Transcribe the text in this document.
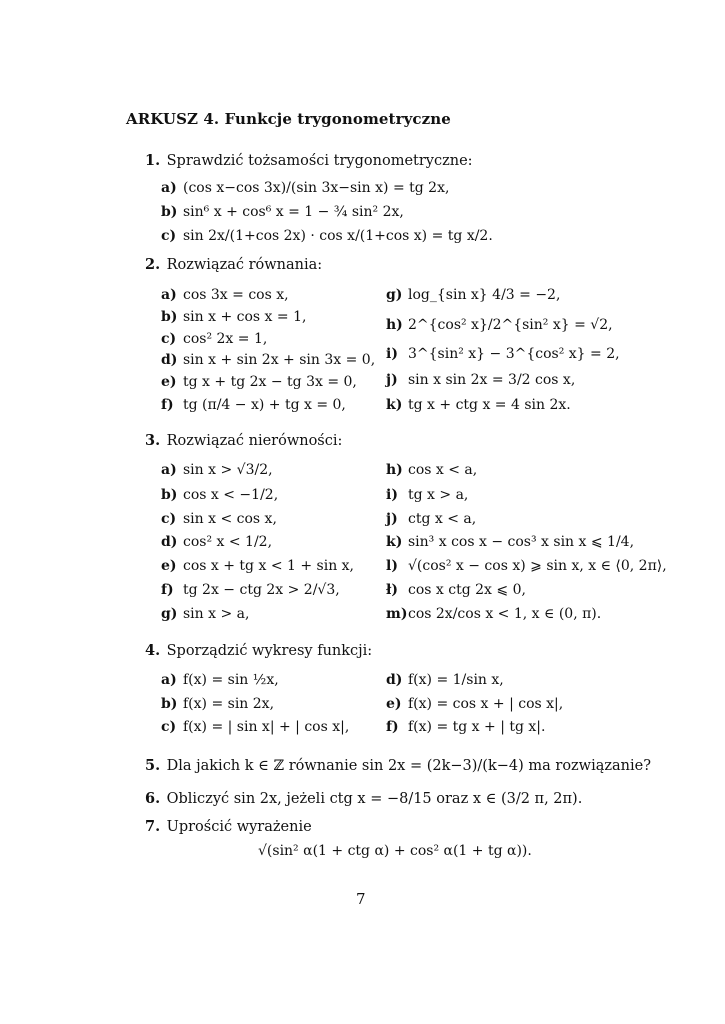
ARKUSZ 4. Funkcje trygonometryczne
1. Sprawdzić tożsamości trygonometryczne:
a) (cos x−cos 3x)/(sin 3x−sin x) = tg 2x,
b) sin⁶ x + cos⁶ x = 1 − ¾ sin² 2x,
c) sin 2x/(1+cos 2x) · cos x/(1+cos x) = tg x/2.
2. Rozwiązać równania:
a) cos 3x = cos x,
b) sin x + cos x = 1,
c) cos² 2x = 1,
d) sin x + sin 2x + sin 3x = 0,
e) tg x + tg 2x − tg 3x = 0,
f) tg (π/4 − x) + tg x = 0,
g) log_{sin x} 4/3 = −2,
h) 2^{cos² x}/2^{sin² x} = √2,
i) 3^{sin² x} − 3^{cos² x} = 2,
j) sin x sin 2x = 3/2 cos x,
k) tg x + ctg x = 4 sin 2x.
3. Rozwiązać nierówności:
a) sin x > √3/2,
b) cos x < −1/2,
c) sin x < cos x,
d) cos² x < 1/2,
e) cos x + tg x < 1 + sin x,
f) tg 2x − ctg 2x > 2/√3,
g) sin x > a,
h) cos x < a,
i) tg x > a,
j) ctg x < a,
k) sin³ x cos x − cos³ x sin x ⩽ 1/4,
l) √(cos² x − cos x) ⩾ sin x, x ∈ ⟨0, 2π⟩,
ł) cos x ctg 2x ⩽ 0,
m)cos 2x/cos x < 1, x ∈ (0, π).
4. Sporządzić wykresy funkcji:
a) f(x) = sin ½x,
b) f(x) = sin 2x,
c) f(x) = | sin x| + | cos x|,
d) f(x) = 1/sin x,
e) f(x) = cos x + | cos x|,
f) f(x) = tg x + | tg x|.
5. Dla jakich k ∈ ℤ równanie sin 2x = (2k−3)/(k−4) ma rozwiązanie?
6. Obliczyć sin 2x, jeżeli ctg x = −8/15 oraz x ∈ (3/2 π, 2π).
7. Uprościć wyrażenie
√(sin² α(1 + ctg α) + cos² α(1 + tg α)).
7
